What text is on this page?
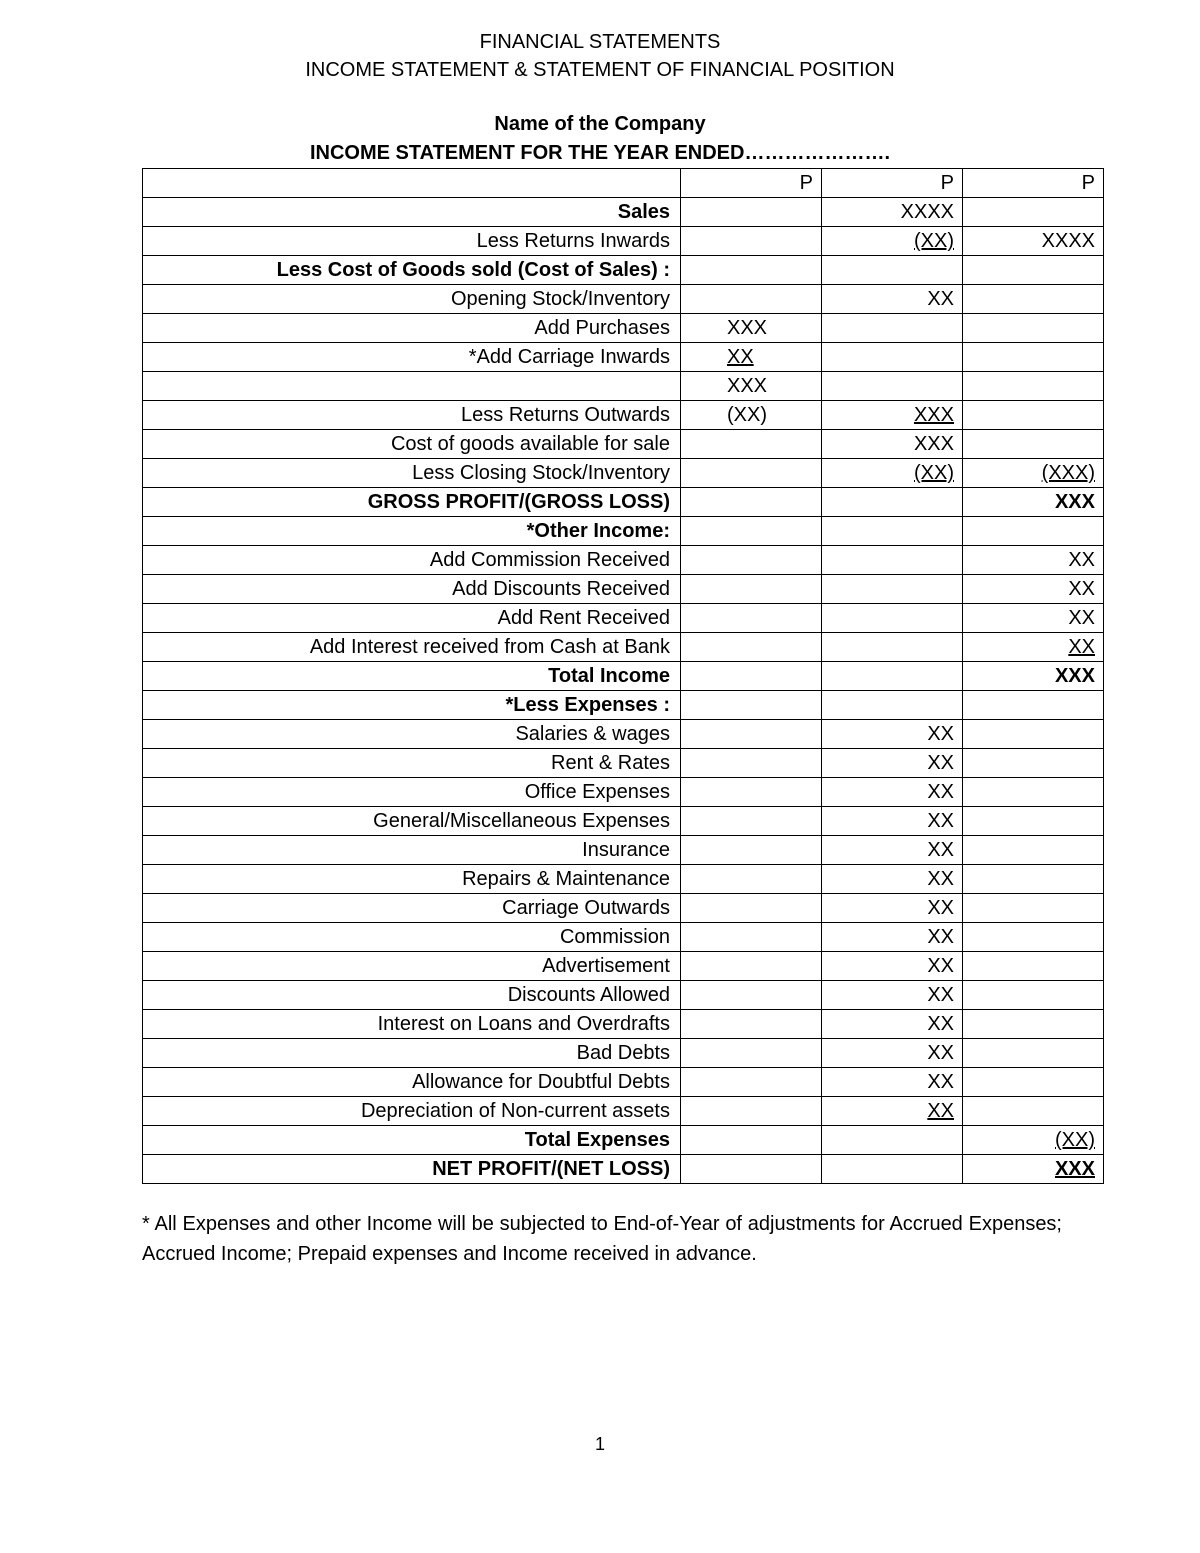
FINANCIAL STATEMENTS
INCOME STATEMENT & STATEMENT OF FINANCIAL POSITION
Name of the Company
INCOME STATEMENT FOR THE YEAR ENDED………………….
	P	P	P
Sales		XXXX	
Less Returns Inwards		(XX)	XXXX
Less Cost of Goods sold (Cost of Sales) :			
Opening Stock/Inventory		XX	
Add Purchases	XXX		
*Add Carriage Inwards	XX		
	XXX		
Less Returns Outwards	(XX)	XXX	
Cost of goods available for sale		XXX	
Less Closing Stock/Inventory		(XX)	(XXX)
GROSS PROFIT/(GROSS LOSS)			XXX
*Other Income:			
Add Commission Received			XX
Add Discounts Received			XX
Add Rent Received			XX
Add Interest received from Cash at Bank			XX
Total Income			XXX
*Less Expenses :			
Salaries & wages		XX	
Rent & Rates		XX	
Office Expenses		XX	
General/Miscellaneous Expenses		XX	
Insurance		XX	
Repairs & Maintenance		XX	
Carriage Outwards		XX	
Commission		XX	
Advertisement		XX	
Discounts Allowed		XX	
Interest on Loans and Overdrafts		XX	
Bad Debts		XX	
Allowance for Doubtful Debts		XX	
Depreciation of Non-current assets		XX	
Total Expenses			(XX)
NET PROFIT/(NET LOSS)			XXX
* All Expenses and other Income will be subjected to End-of-Year of adjustments for Accrued Expenses; Accrued Income; Prepaid expenses and Income received in advance.
1
